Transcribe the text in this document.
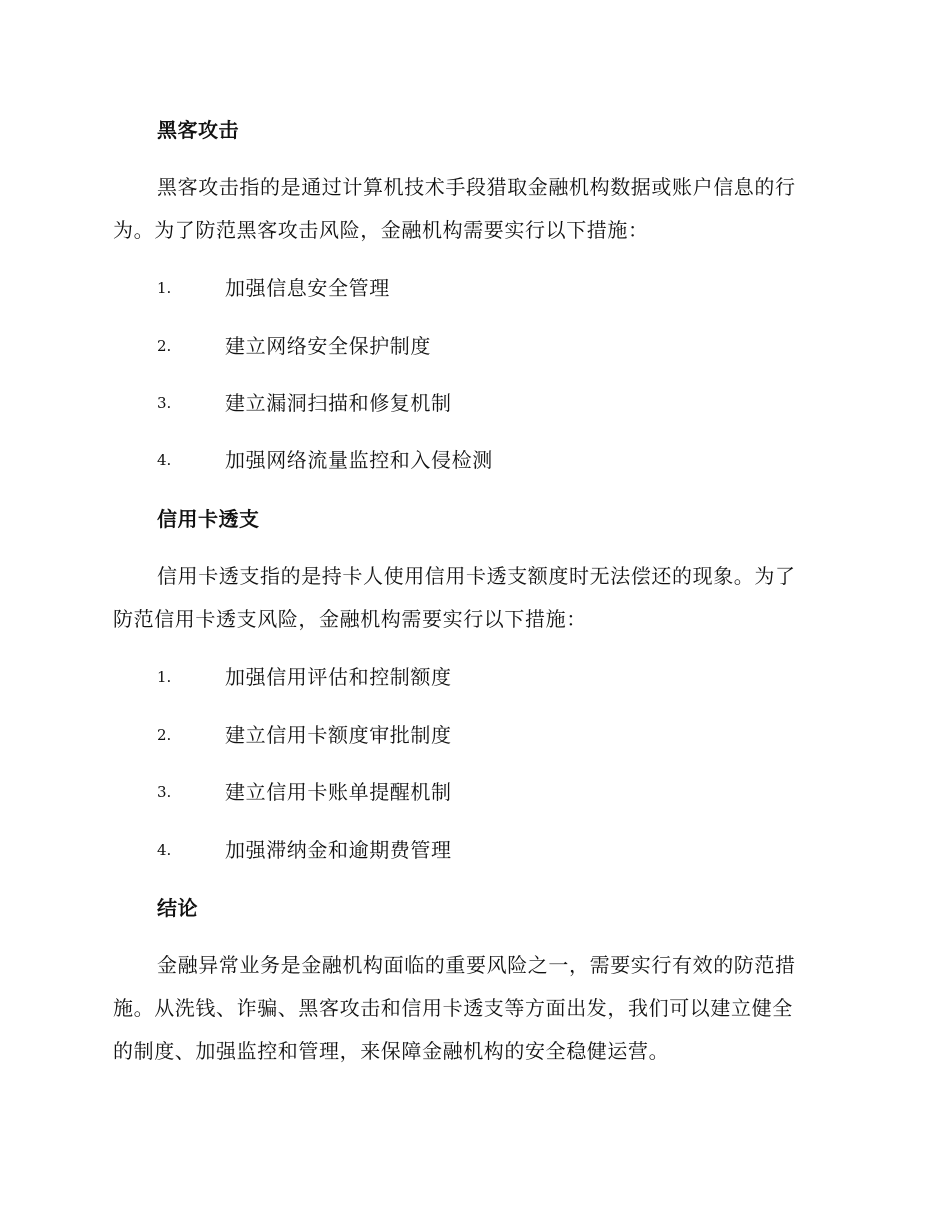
黑客攻击
黑客攻击指的是通过计算机技术手段猎取金融机构数据或账户信息的行
为。为了防范黑客攻击风险，金融机构需要实行以下措施：
1.	加强信息安全管理
2.	建立网络安全保护制度
3.	建立漏洞扫描和修复机制
4.	加强网络流量监控和入侵检测
信用卡透支
信用卡透支指的是持卡人使用信用卡透支额度时无法偿还的现象。为了
防范信用卡透支风险，金融机构需要实行以下措施：
1.	加强信用评估和控制额度
2.	建立信用卡额度审批制度
3.	建立信用卡账单提醒机制
4.	加强滞纳金和逾期费管理
结论
金融异常业务是金融机构面临的重要风险之一，需要实行有效的防范措
施。从洗钱、诈骗、黑客攻击和信用卡透支等方面出发，我们可以建立健全
的制度、加强监控和管理，来保障金融机构的安全稳健运营。
